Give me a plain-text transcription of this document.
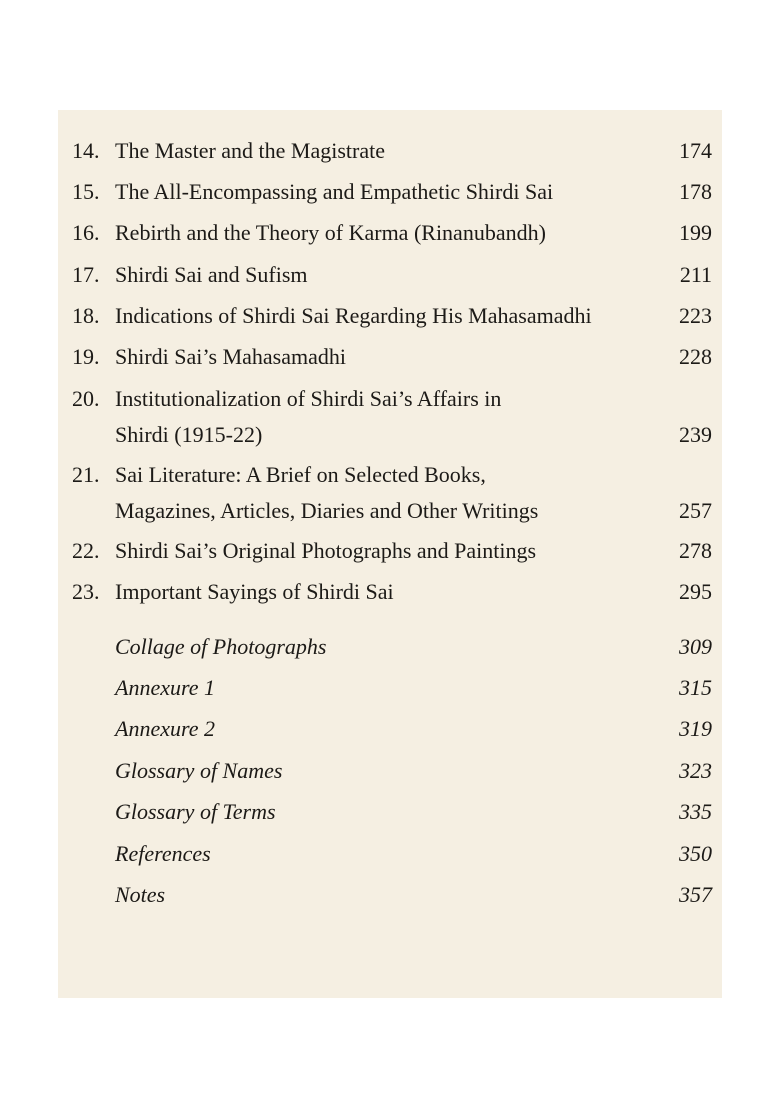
14. The Master and the Magistrate	174
15. The All-Encompassing and Empathetic Shirdi Sai	178
16. Rebirth and the Theory of Karma (Rinanubandh)	199
17. Shirdi Sai and Sufism	211
18. Indications of Shirdi Sai Regarding His Mahasamadhi	223
19. Shirdi Sai’s Mahasamadhi	228
20. Institutionalization of Shirdi Sai’s Affairs in
Shirdi (1915-22)	239
21. Sai Literature: A Brief on Selected Books,
Magazines, Articles, Diaries and Other Writings	257
22. Shirdi Sai’s Original Photographs and Paintings	278
23. Important Sayings of Shirdi Sai	295
Collage of Photographs	309
Annexure 1	315
Annexure 2	319
Glossary of Names	323
Glossary of Terms	335
References	350
Notes	357
